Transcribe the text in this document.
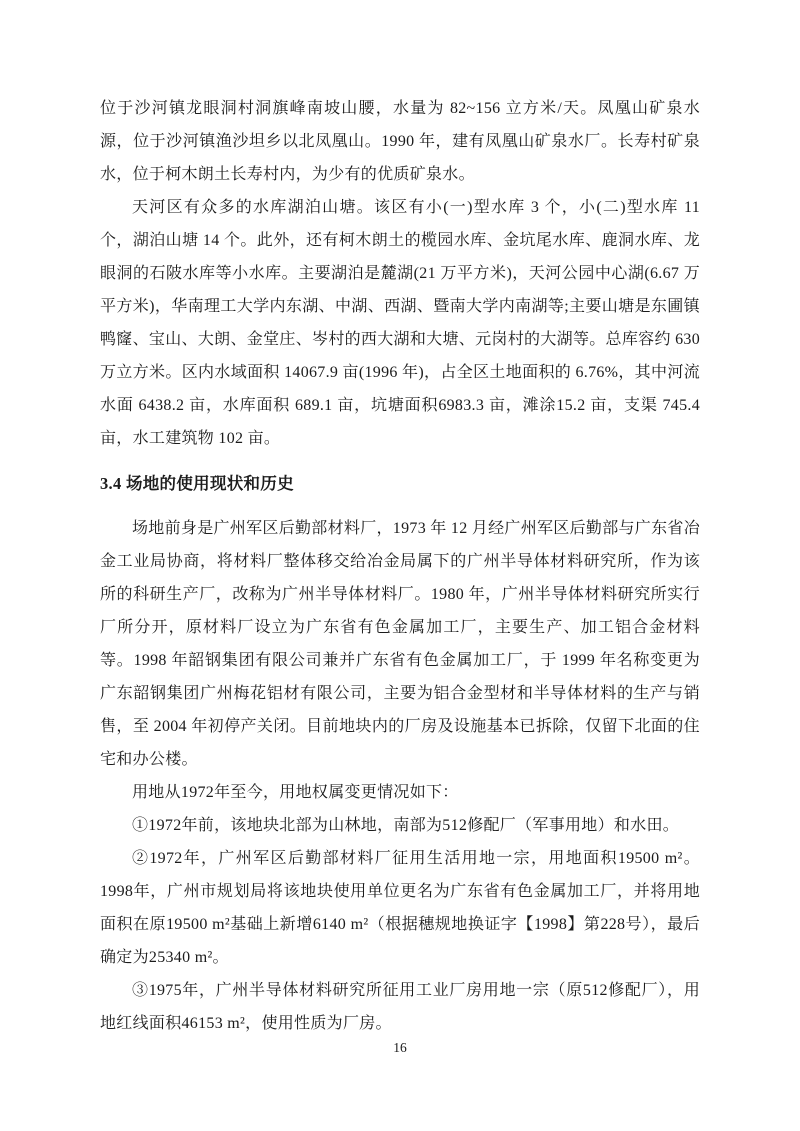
位于沙河镇龙眼洞村洞旗峰南坡山腰，水量为 82~156 立方米/天。凤凰山矿泉水源，位于沙河镇渔沙坦乡以北凤凰山。1990 年，建有凤凰山矿泉水厂。长寿村矿泉水，位于柯木朗土长寿村内，为少有的优质矿泉水。

天河区有众多的水库湖泊山塘。该区有小(一)型水库 3 个，小(二)型水库 11 个，湖泊山塘 14 个。此外，还有柯木朗土的榄园水库、金坑尾水库、鹿洞水库、龙眼洞的石陂水库等小水库。主要湖泊是麓湖(21 万平方米)，天河公园中心湖(6.67 万平方米)，华南理工大学内东湖、中湖、西湖、暨南大学内南湖等;主要山塘是东圃镇鸭窿、宝山、大朗、金堂庄、岑村的西大湖和大塘、元岗村的大湖等。总库容约 630 万立方米。区内水域面积 14067.9 亩(1996 年)，占全区土地面积的 6.76%，其中河流水面 6438.2 亩，水库面积 689.1 亩，坑塘面积6983.3 亩，滩涂15.2 亩，支渠 745.4 亩，水工建筑物 102 亩。

3.4 场地的使用现状和历史

场地前身是广州军区后勤部材料厂，1973 年 12 月经广州军区后勤部与广东省冶金工业局协商，将材料厂整体移交给冶金局属下的广州半导体材料研究所，作为该所的科研生产厂，改称为广州半导体材料厂。1980 年，广州半导体材料研究所实行厂所分开，原材料厂设立为广东省有色金属加工厂，主要生产、加工铝合金材料等。1998 年韶钢集团有限公司兼并广东省有色金属加工厂，于 1999 年名称变更为广东韶钢集团广州梅花铝材有限公司，主要为铝合金型材和半导体材料的生产与销售，至 2004 年初停产关闭。目前地块内的厂房及设施基本已拆除，仅留下北面的住宅和办公楼。

用地从1972年至今，用地权属变更情况如下：

①1972年前，该地块北部为山林地，南部为512修配厂（军事用地）和水田。

②1972年，广州军区后勤部材料厂征用生活用地一宗，用地面积19500 m²。1998年，广州市规划局将该地块使用单位更名为广东省有色金属加工厂，并将用地面积在原19500 m²基础上新增6140 m²（根据穗规地换证字【1998】第228号），最后确定为25340 m²。

③1975年，广州半导体材料研究所征用工业厂房用地一宗（原512修配厂），用地红线面积46153 m²，使用性质为厂房。

16
